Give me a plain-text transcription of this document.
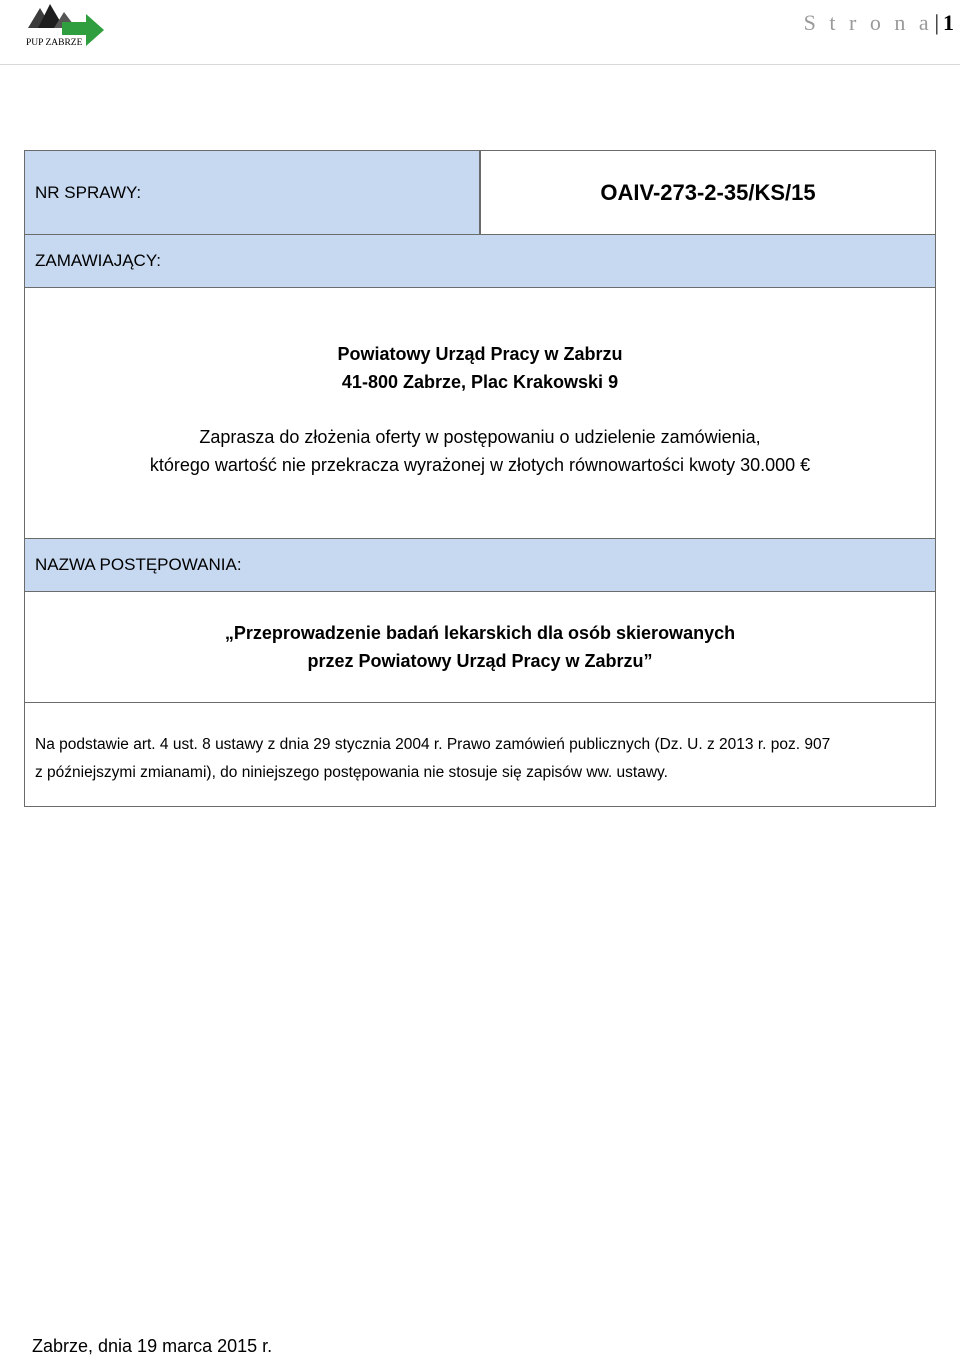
PUP ZABRZE
S t r o n a| 1
NR SPRAWY:	OAIV-273-2-35/KS/15
ZAMAWIAJĄCY:
Powiatowy Urząd Pracy w Zabrzu
41-800 Zabrze, Plac Krakowski 9
Zaprasza do złożenia oferty w postępowaniu o udzielenie zamówienia,
którego wartość nie przekracza wyrażonej w złotych równowartości kwoty 30.000 €
NAZWA POSTĘPOWANIA:
„Przeprowadzenie badań lekarskich dla osób skierowanych
przez Powiatowy Urząd Pracy w Zabrzu”
Na podstawie art. 4 ust. 8 ustawy z dnia 29 stycznia 2004 r. Prawo zamówień publicznych (Dz. U. z 2013 r. poz. 907
z późniejszymi zmianami), do niniejszego postępowania nie stosuje się zapisów ww. ustawy.
Zabrze, dnia 19 marca 2015 r.
